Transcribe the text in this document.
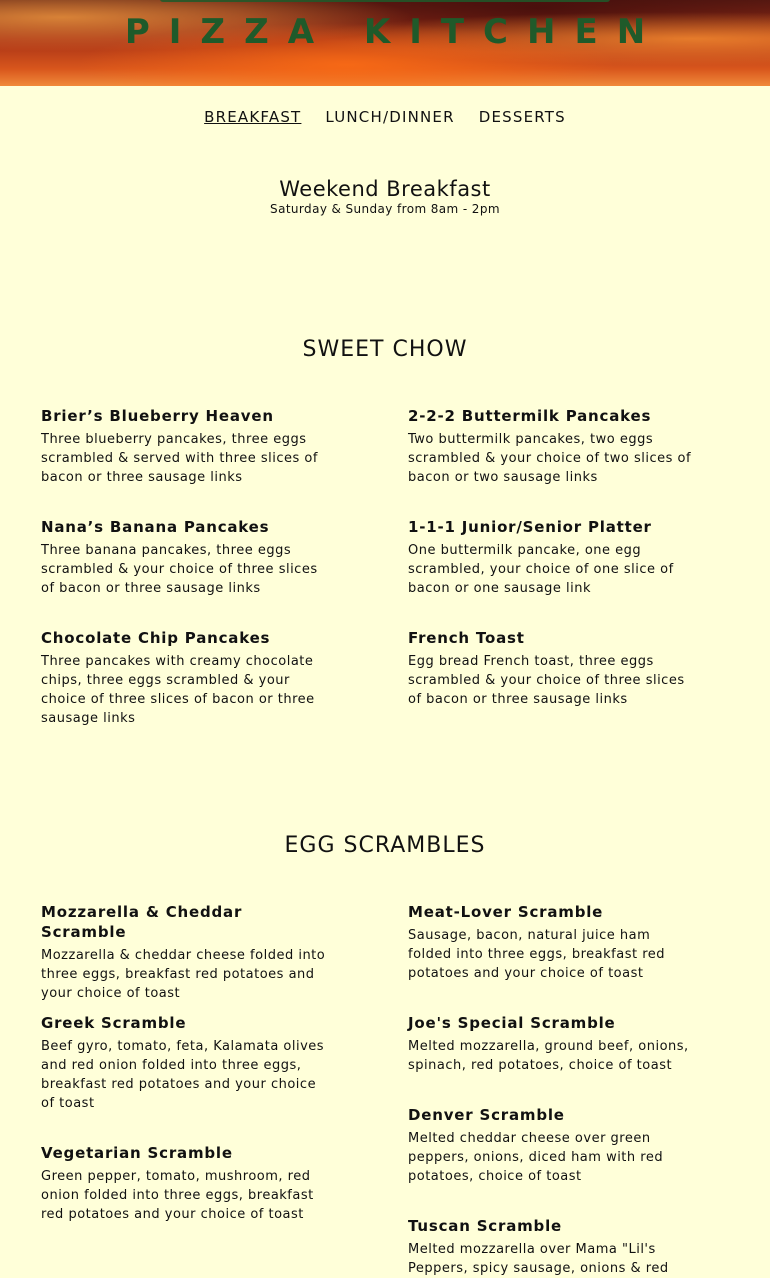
PIZZA KITCHEN
BREAKFAST LUNCH/DINNER DESSERTS
Weekend Breakfast
Saturday & Sunday from 8am - 2pm
SWEET CHOW

Brier’s Blueberry Heaven

Three blueberry pancakes, three eggs scrambled & served with three slices of bacon or three sausage links

2-2-2 Buttermilk Pancakes

Two buttermilk pancakes, two eggs scrambled & your choice of two slices of bacon or two sausage links

Nana’s Banana Pancakes

Three banana pancakes, three eggs scrambled & your choice of three slices of bacon or three sausage links

1-1-1 Junior/Senior Platter

One buttermilk pancake, one egg scrambled, your choice of one slice of bacon or one sausage link

Chocolate Chip Pancakes

Three pancakes with creamy chocolate chips, three eggs scrambled & your choice of three slices of bacon or three sausage links

French Toast

Egg bread French toast, three eggs scrambled & your choice of three slices of bacon or three sausage links

EGG SCRAMBLES

Mozzarella & Cheddar Scramble

Mozzarella & cheddar cheese folded into three eggs, breakfast red potatoes and your choice of toast

Meat-Lover Scramble

Sausage, bacon, natural juice ham folded into three eggs, breakfast red potatoes and your choice of toast

Greek Scramble

Beef gyro, tomato, feta, Kalamata olives and red onion folded into three eggs, breakfast red potatoes and your choice of toast

Joe's Special Scramble

Melted mozzarella, ground beef, onions, spinach, red potatoes, choice of toast

Vegetarian Scramble

Green pepper, tomato, mushroom, red onion folded into three eggs, breakfast red potatoes and your choice of toast

Denver Scramble

Melted cheddar cheese over green peppers, onions, diced ham with red potatoes, choice of toast

Tuscan Scramble

Melted mozzarella over Mama "Lil's Peppers, spicy sausage, onions & red
